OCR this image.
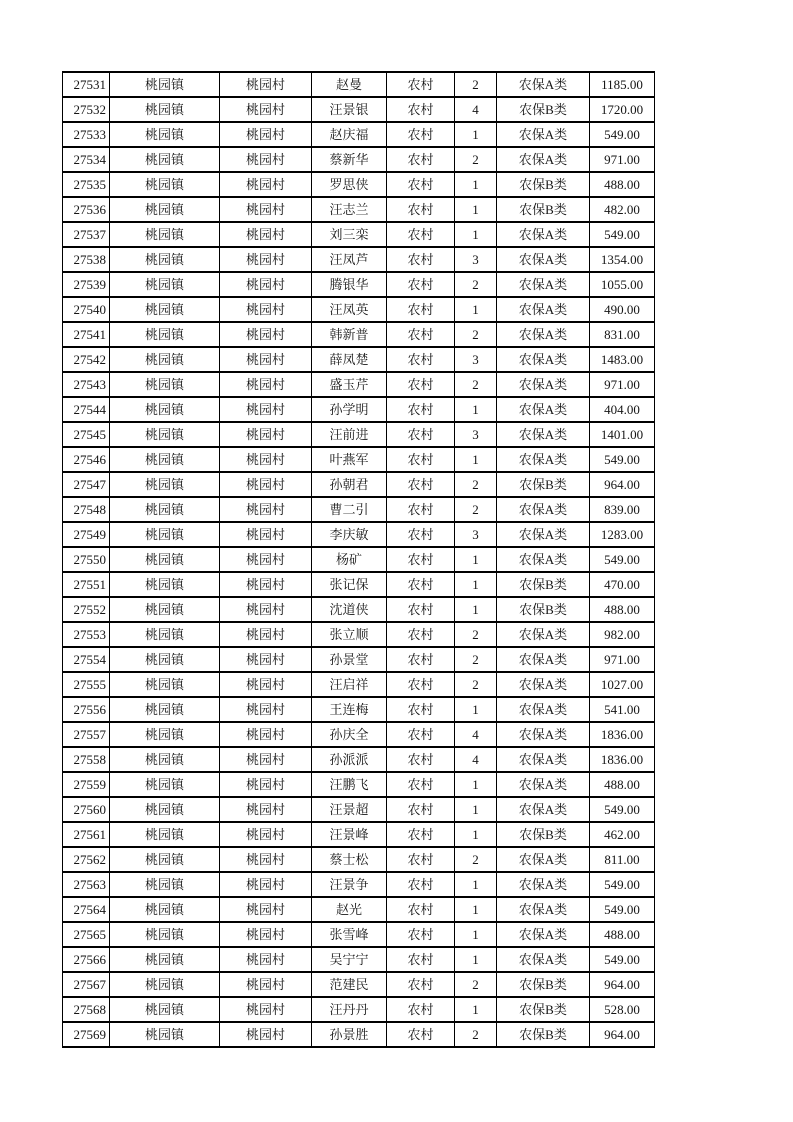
27531	桃园镇	桃园村	赵曼	农村	2	农保A类	1185.00
27532	桃园镇	桃园村	汪景银	农村	4	农保B类	1720.00
27533	桃园镇	桃园村	赵庆福	农村	1	农保A类	549.00
27534	桃园镇	桃园村	蔡新华	农村	2	农保A类	971.00
27535	桃园镇	桃园村	罗思侠	农村	1	农保B类	488.00
27536	桃园镇	桃园村	汪志兰	农村	1	农保B类	482.00
27537	桃园镇	桃园村	刘三栾	农村	1	农保A类	549.00
27538	桃园镇	桃园村	汪凤芦	农村	3	农保A类	1354.00
27539	桃园镇	桃园村	腾银华	农村	2	农保A类	1055.00
27540	桃园镇	桃园村	汪凤英	农村	1	农保A类	490.00
27541	桃园镇	桃园村	韩新普	农村	2	农保A类	831.00
27542	桃园镇	桃园村	薛凤楚	农村	3	农保A类	1483.00
27543	桃园镇	桃园村	盛玉芹	农村	2	农保A类	971.00
27544	桃园镇	桃园村	孙学明	农村	1	农保A类	404.00
27545	桃园镇	桃园村	汪前进	农村	3	农保A类	1401.00
27546	桃园镇	桃园村	叶燕军	农村	1	农保A类	549.00
27547	桃园镇	桃园村	孙朝君	农村	2	农保B类	964.00
27548	桃园镇	桃园村	曹二引	农村	2	农保A类	839.00
27549	桃园镇	桃园村	李庆敏	农村	3	农保A类	1283.00
27550	桃园镇	桃园村	杨矿	农村	1	农保A类	549.00
27551	桃园镇	桃园村	张记保	农村	1	农保B类	470.00
27552	桃园镇	桃园村	沈道侠	农村	1	农保B类	488.00
27553	桃园镇	桃园村	张立顺	农村	2	农保A类	982.00
27554	桃园镇	桃园村	孙景堂	农村	2	农保A类	971.00
27555	桃园镇	桃园村	汪启祥	农村	2	农保A类	1027.00
27556	桃园镇	桃园村	王连梅	农村	1	农保A类	541.00
27557	桃园镇	桃园村	孙庆全	农村	4	农保A类	1836.00
27558	桃园镇	桃园村	孙派派	农村	4	农保A类	1836.00
27559	桃园镇	桃园村	汪鹏飞	农村	1	农保A类	488.00
27560	桃园镇	桃园村	汪景超	农村	1	农保A类	549.00
27561	桃园镇	桃园村	汪景峰	农村	1	农保B类	462.00
27562	桃园镇	桃园村	蔡士松	农村	2	农保A类	811.00
27563	桃园镇	桃园村	汪景争	农村	1	农保A类	549.00
27564	桃园镇	桃园村	赵光	农村	1	农保A类	549.00
27565	桃园镇	桃园村	张雪峰	农村	1	农保A类	488.00
27566	桃园镇	桃园村	吴宁宁	农村	1	农保A类	549.00
27567	桃园镇	桃园村	范建民	农村	2	农保B类	964.00
27568	桃园镇	桃园村	汪丹丹	农村	1	农保B类	528.00
27569	桃园镇	桃园村	孙景胜	农村	2	农保B类	964.00
